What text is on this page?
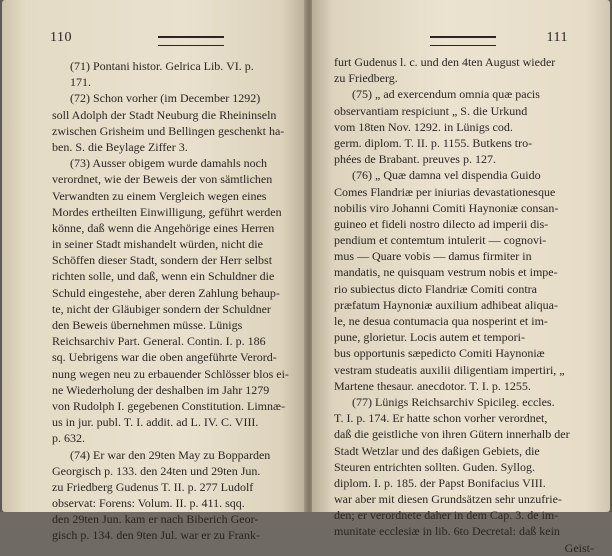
110
(71) Pontani histor. Gelrica Lib. VI. p.
171.
(72) Schon vorher (im December 1292)
soll Adolph der Stadt Neuburg die Rheininseln
zwischen Grisheim und Bellingen geschenkt ha-
ben. S. die Beylage Ziffer 3.
(73) Ausser obigem wurde damahls noch
verordnet, wie der Beweis der von sämtlichen
Verwandten zu einem Vergleich wegen eines
Mordes ertheilten Einwilligung, geführt werden
könne, daß wenn die Angehörige eines Herren
in seiner Stadt mishandelt würden, nicht die
Schöffen dieser Stadt, sondern der Herr selbst
richten solle, und daß, wenn ein Schuldner die
Schuld eingestehe, aber deren Zahlung behaup-
te, nicht der Gläubiger sondern der Schuldner
den Beweis übernehmen müsse. Lünigs
Reichsarchiv Part. General. Contin. I. p. 186
sq. Uebrigens war die oben angeführte Verord-
nung wegen neu zu erbauender Schlösser blos ei-
ne Wiederholung der deshalben im Jahr 1279
von Rudolph I. gegebenen Constitution. Limnæ-
us in jur. publ. T. I. addit. ad L. IV. C. VIII.
p. 632.
(74) Er war den 29ten May zu Bopparden
Georgisch p. 133. den 24ten und 29ten Jun.
zu Friedberg Gudenus T. II. p. 277 Ludolf
observat: Forens: Volum. II. p. 411. sqq.
den 29ten Jun. kam er nach Biberich Geor-
gisch p. 134. den 9ten Jul. war er zu Frank-
111
furt Gudenus l. c. und den 4ten August wieder
zu Friedberg.
(75) „ ad exercendum omnia quæ pacis
observantiam respiciunt „ S. die Urkund
vom 18ten Nov. 1292. in Lünigs cod.
germ. diplom. T. II. p. 1155. Butkens tro-
phées de Brabant. preuves p. 127.
(76) „ Quæ damna vel dispendia Guido
Comes Flandriæ per iniurias devastationesque
nobilis viro Johanni Comiti Haynoniæ consan-
guineo et fideli nostro dilecto ad imperii dis-
pendium et contemtum intulerit — cognovi-
mus — Quare vobis — damus firmiter in
mandatis, ne quisquam vestrum nobis et impe-
rio subiectus dicto Flandriæ Comiti contra
præfatum Haynoniæ auxilium adhibeat aliqua-
le, ne desua contumacia qua nosperint et im-
pune, glorietur. Locis autem et tempori-
bus opportunis sæpedicto Comiti Haynoniæ
vestram studeatis auxilii diligentiam impertiri, „
Martene thesaur. anecdotor. T. I. p. 1255.
(77) Lünigs Reichsarchiv Spicileg. eccles.
T. I. p. 174. Er hatte schon vorher verordnet,
daß die geistliche von ihren Gütern innerhalb der
Stadt Wetzlar und des daßigen Gebiets, die
Steuren entrichten sollten. Guden. Syllog.
diplom. I. p. 185. der Papst Bonifacius VIII.
war aber mit diesen Grundsätzen sehr unzufrie-
den; er verordnete daher in dem Cap. 3. de im-
munitate ecclesiæ in lib. 6to Decretal: daß kein
Geist-
